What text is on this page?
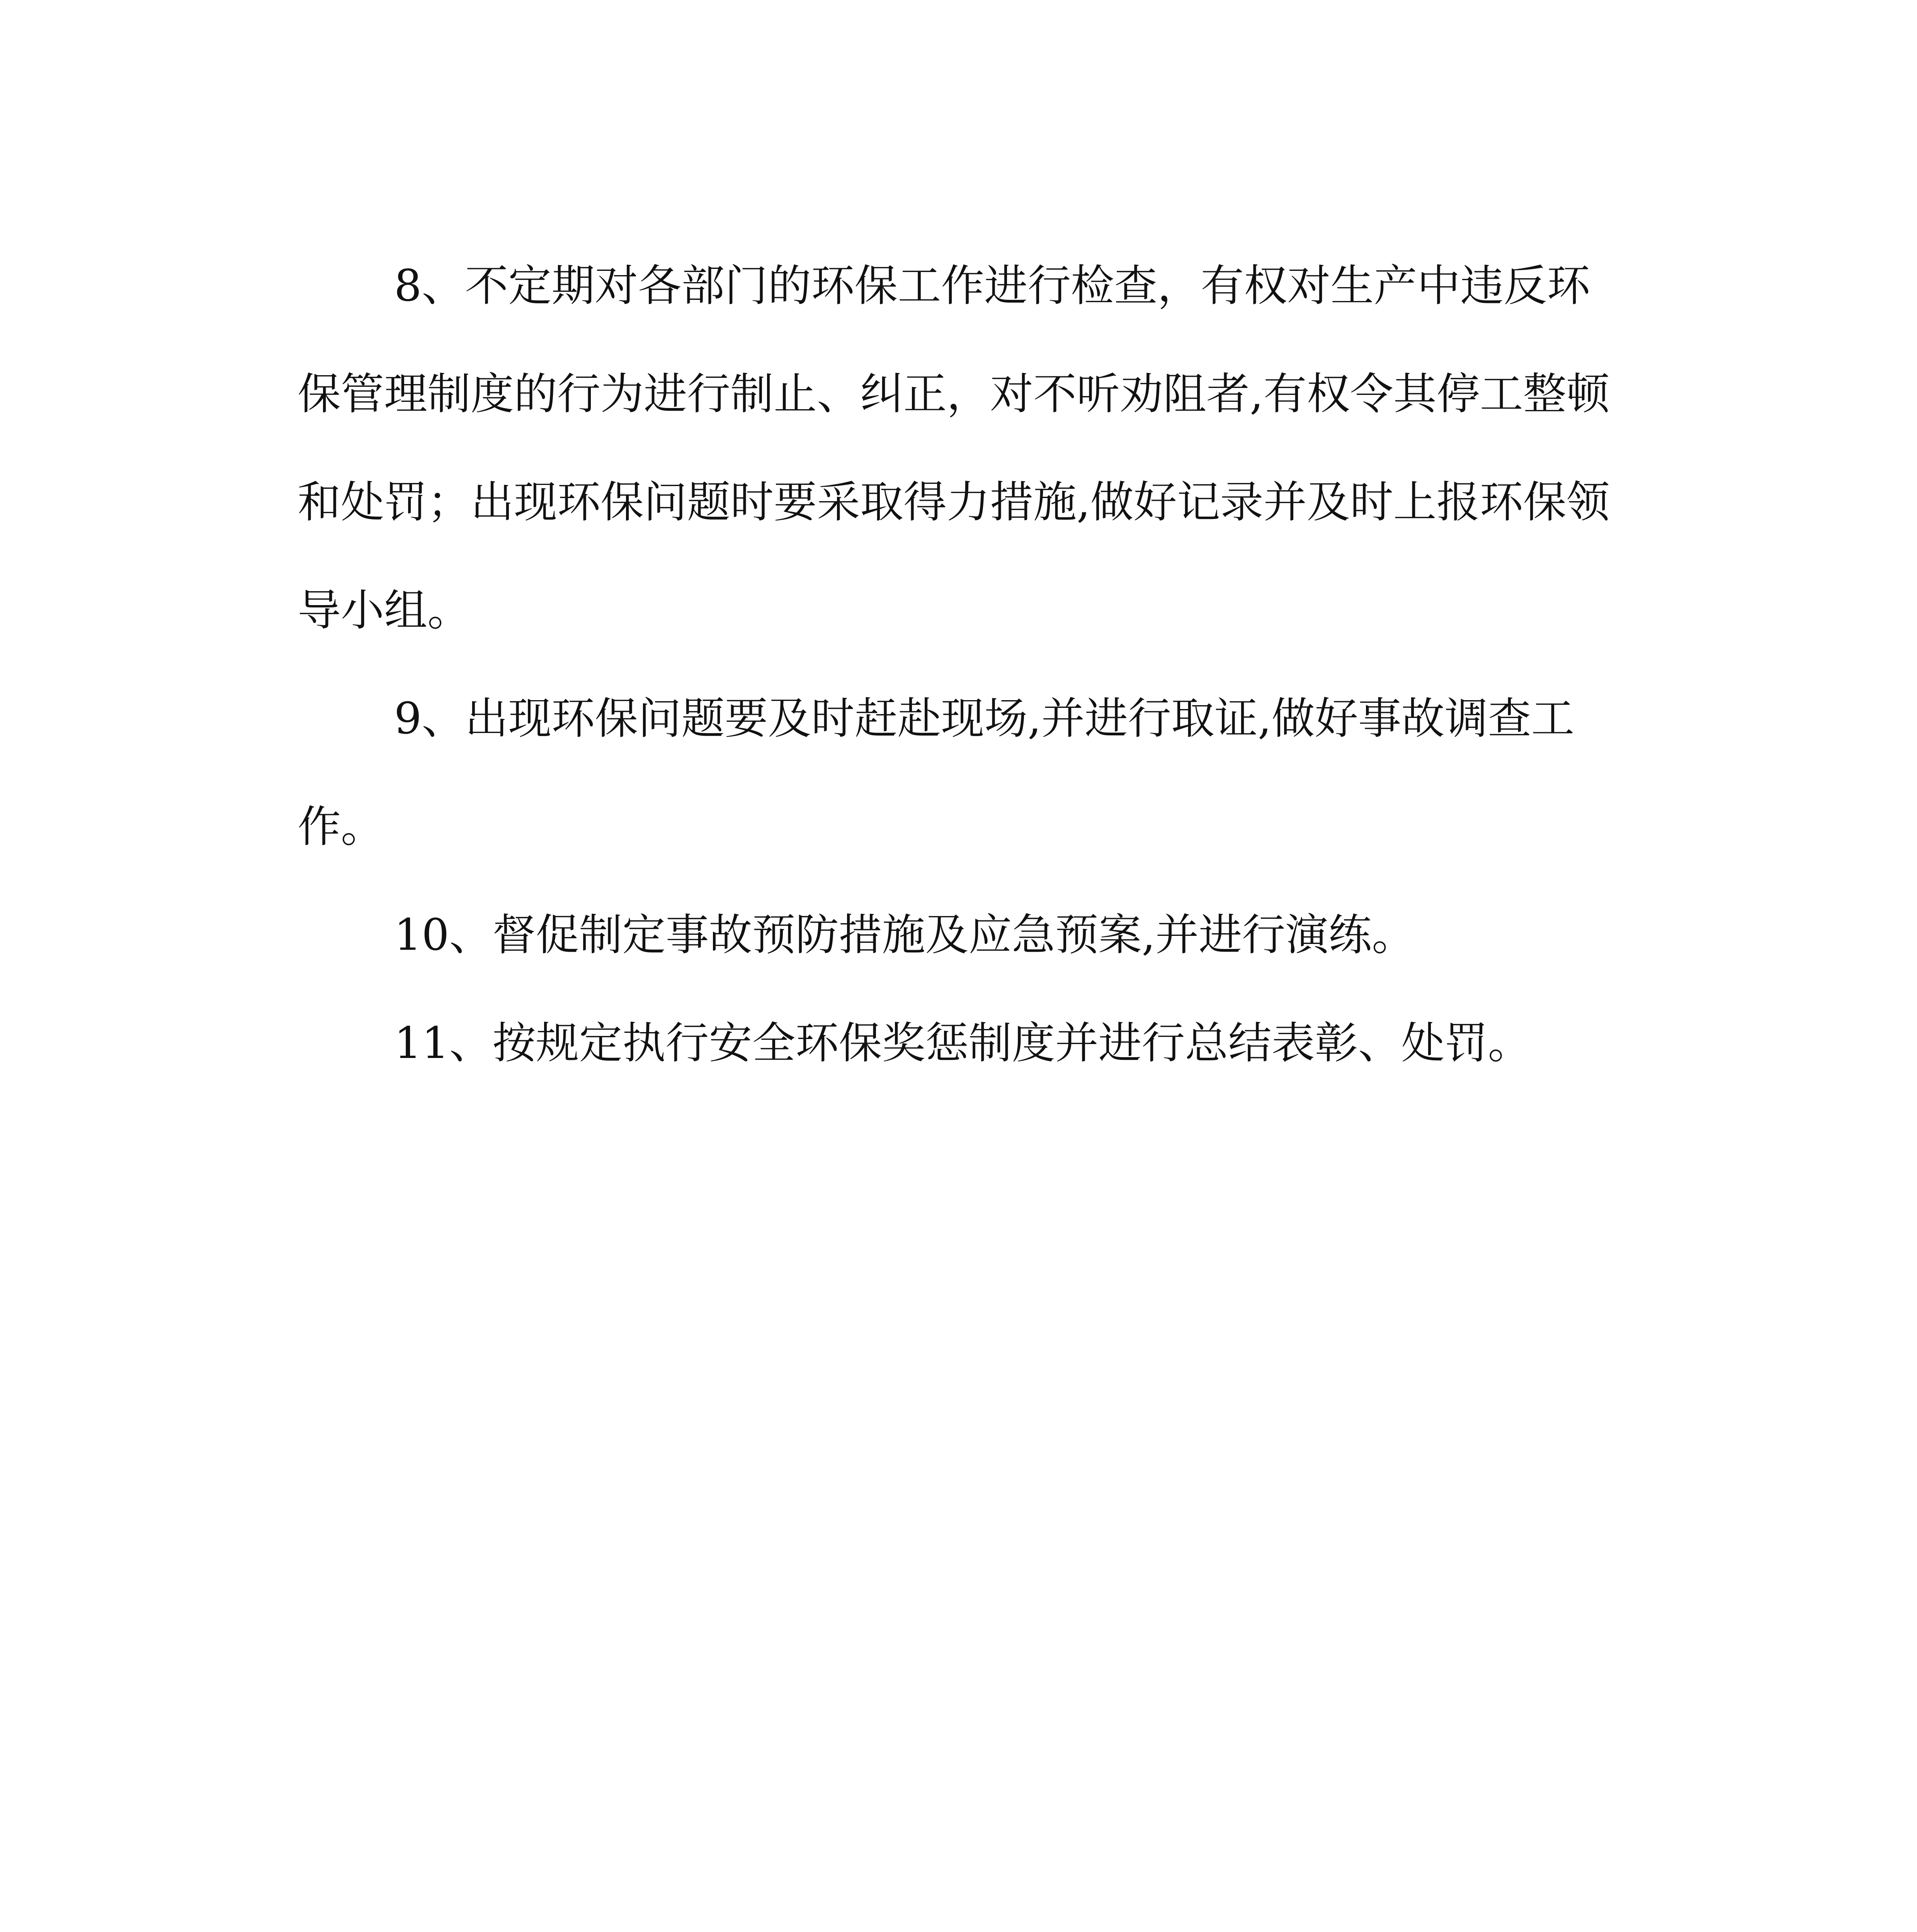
8、不定期对各部门的环保工作进行检查，有权对生产中违反环保管理制度的行为进行制止、纠正，对不听劝阻者,有权令其停工整顿和处罚；出现环保问题时要采取得力措施,做好记录并及时上报环保领导小组。

9、出现环保问题要及时赶赴现场,并进行取证,做好事故调查工作。

10、督促制定事故预防措施及应急预案,并进行演练。

11、按规定执行安全环保奖惩制度并进行总结表彰、处罚。
